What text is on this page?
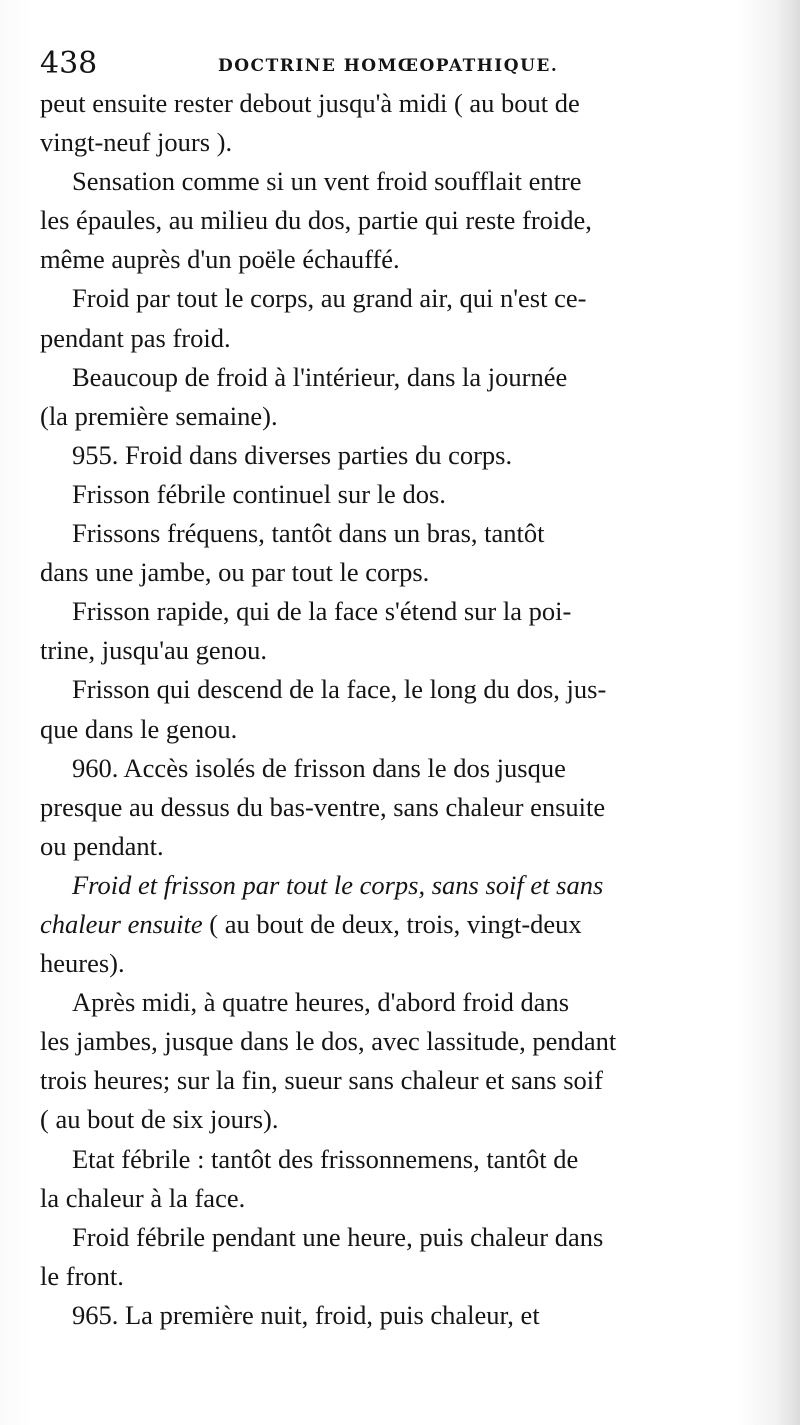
438	DOCTRINE HOMŒOPATHIQUE.

peut ensuite rester debout jusqu'à midi ( au bout de
vingt-neuf jours ).

Sensation comme si un vent froid soufflait entre
les épaules, au milieu du dos, partie qui reste froide,
même auprès d'un poële échauffé.

Froid par tout le corps, au grand air, qui n'est ce-
pendant pas froid.

Beaucoup de froid à l'intérieur, dans la journée
(la première semaine).

955. Froid dans diverses parties du corps.

Frisson fébrile continuel sur le dos.

Frissons fréquens, tantôt dans un bras, tantôt
dans une jambe, ou par tout le corps.

Frisson rapide, qui de la face s'étend sur la poi-
trine, jusqu'au genou.

Frisson qui descend de la face, le long du dos, jus-
que dans le genou.

960. Accès isolés de frisson dans le dos jusque
presque au dessus du bas-ventre, sans chaleur ensuite
ou pendant.

Froid et frisson par tout le corps, sans soif et sans
chaleur ensuite ( au bout de deux, trois, vingt-deux
heures).

Après midi, à quatre heures, d'abord froid dans
les jambes, jusque dans le dos, avec lassitude, pendant
trois heures; sur la fin, sueur sans chaleur et sans soif
( au bout de six jours).

Etat fébrile : tantôt des frissonnemens, tantôt de
la chaleur à la face.

Froid fébrile pendant une heure, puis chaleur dans
le front.

965. La première nuit, froid, puis chaleur, et
